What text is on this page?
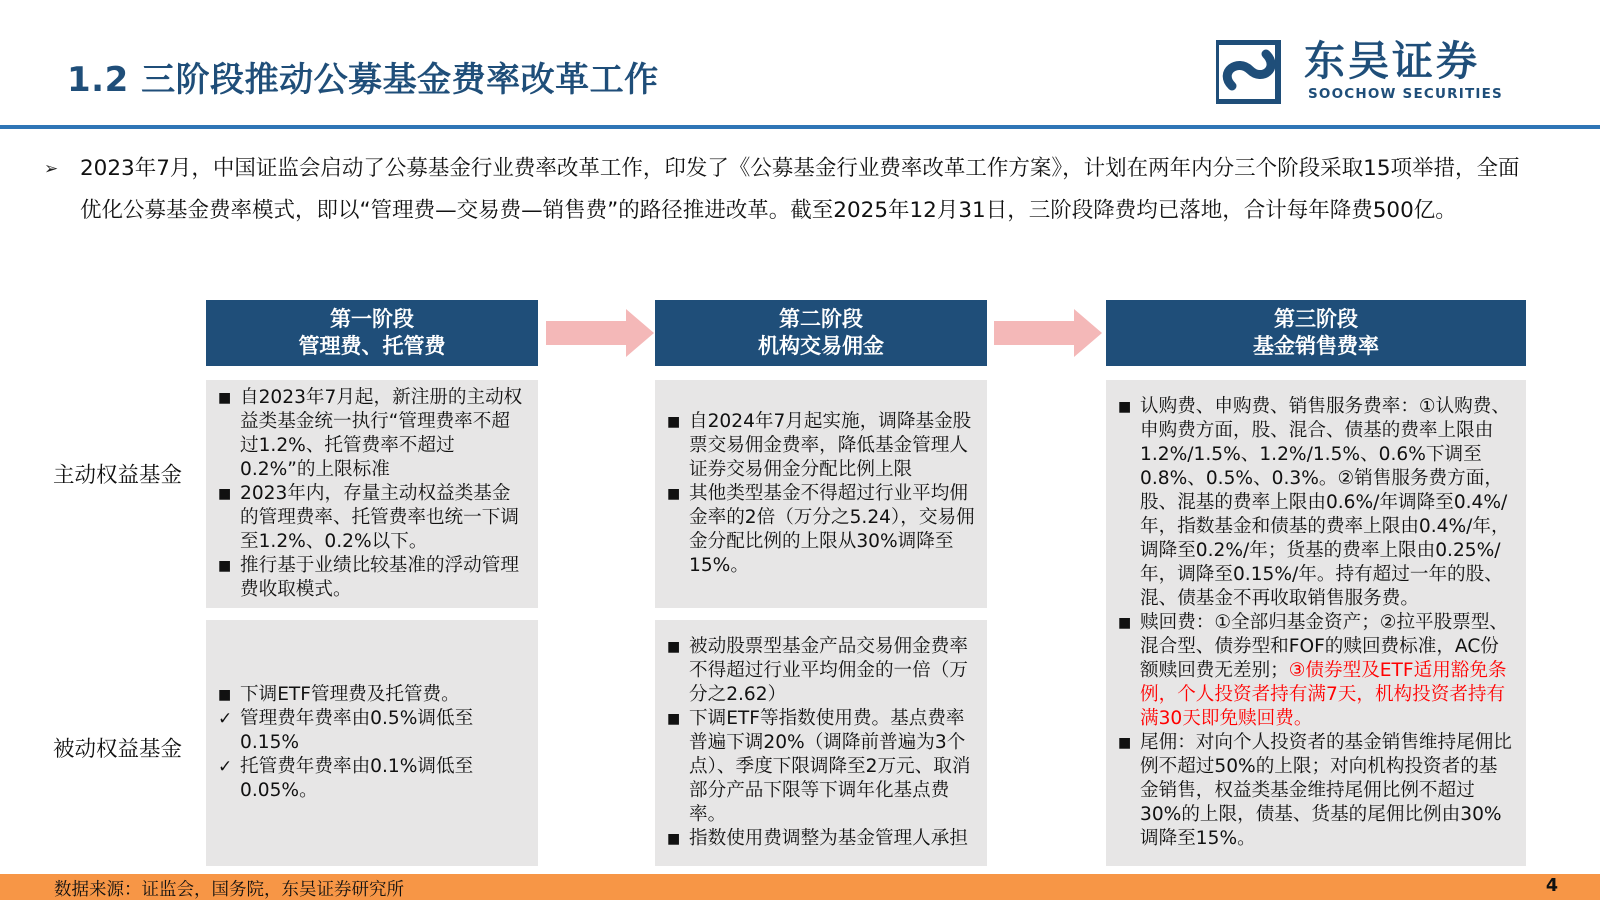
1.2 三阶段推动公募基金费率改革工作	东吴证券
SOOCHOW SECURITIES
➢ 2023年7月，中国证监会启动了公募基金行业费率改革工作，印发了《公募基金行业费率改革工作方案》，计划在两年内分三个阶段采取15项举措，全面优化公募基金费率模式，即以“管理费—交易费—销售费”的路径推进改革。截至2025年12月31日，三阶段降费均已落地，合计每年降费500亿。
第一阶段
管理费、托管费
第二阶段
机构交易佣金
第三阶段
基金销售费率
主动权益基金
被动权益基金
■ 自2023年7月起，新注册的主动权益类基金统一执行“管理费率不超过1.2%、托管费率不超过0.2%”的上限标准
■ 2023年内，存量主动权益类基金的管理费率、托管费率也统一下调至1.2%、0.2%以下。
■ 推行基于业绩比较基准的浮动管理费收取模式。
■ 下调ETF管理费及托管费。
✓ 管理费年费率由0.5%调低至0.15%
✓ 托管费年费率由0.1%调低至0.05%。
■ 自2024年7月起实施，调降基金股票交易佣金费率，降低基金管理人证券交易佣金分配比例上限
■ 其他类型基金不得超过行业平均佣金率的2倍（万分之5.24），交易佣金分配比例的上限从30%调降至15%。
■ 被动股票型基金产品交易佣金费率不得超过行业平均佣金的一倍（万分之2.62）
■ 下调ETF等指数使用费。基点费率普遍下调20%（调降前普遍为3个点）、季度下限调降至2万元、取消部分产品下限等下调年化基点费率。
■ 指数使用费调整为基金管理人承担
■ 认购费、申购费、销售服务费率：①认购费、申购费方面，股、混合、债基的费率上限由1.2%/1.5%、1.2%/1.5%、0.6%下调至0.8%、0.5%、0.3%。②销售服务费方面，股、混基的费率上限由0.6%/年调降至0.4%/年，指数基金和债基的费率上限由0.4%/年，调降至0.2%/年；货基的费率上限由0.25%/年，调降至0.15%/年。持有超过一年的股、混、债基金不再收取销售服务费。
■ 赎回费：①全部归基金资产；②拉平股票型、混合型、债券型和FOF的赎回费标准，AC份额赎回费无差别；③债券型及ETF适用豁免条例，个人投资者持有满7天，机构投资者持有满30天即免赎回费。
■ 尾佣：对向个人投资者的基金销售维持尾佣比例不超过50%的上限；对向机构投资者的基金销售，权益类基金维持尾佣比例不超过30%的上限，债基、货基的尾佣比例由30%调降至15%。
数据来源：证监会，国务院，东吴证券研究所	4
